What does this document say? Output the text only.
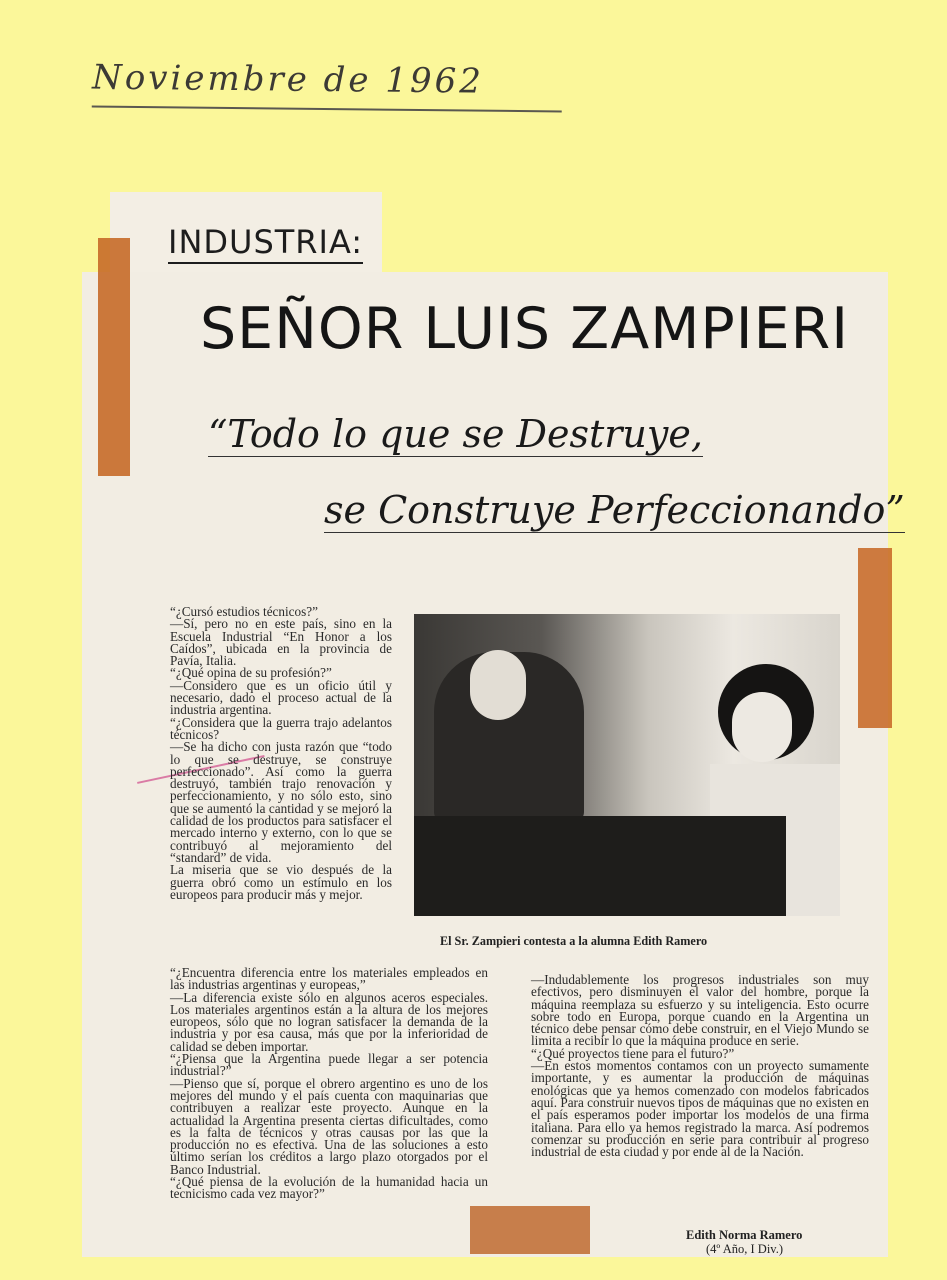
Noviembre de 1962
INDUSTRIA:
SEÑOR LUIS ZAMPIERI
“Todo lo que se Destruye,
se Construye Perfeccionando”

“¿Cursó estudios técnicos?”

—Sí, pero no en este país, sino en la Escuela Industrial “En Honor a los Caídos”, ubicada en la provincia de Pavía, Italia.

“¿Qué opina de su profesión?”

—Considero que es un oficio útil y necesario, dado el proceso actual de la industria argentina.

“¿Considera que la guerra trajo adelantos técnicos?

—Se ha dicho con justa razón que “todo lo que se destruye, se construye perfeccionado”. Así como la guerra destruyó, también trajo renovación y perfeccionamiento, y no sólo esto, sino que se aumentó la cantidad y se mejoró la calidad de los productos para satisfacer el mercado interno y externo, con lo que se contribuyó al mejoramiento del “standard” de vida.

La miseria que se vio después de la guerra obró como un estímulo en los europeos para producir más y mejor.

El Sr. Zampieri contesta a la alumna Edith Ramero

“¿Encuentra diferencia entre los materiales empleados en las industrias argentinas y europeas,”

—La diferencia existe sólo en algunos aceros especiales. Los materiales argentinos están a la altura de los mejores europeos, sólo que no logran satisfacer la demanda de la industria y por esa causa, más que por la inferioridad de calidad se deben importar.

“¿Piensa que la Argentina puede llegar a ser potencia industrial?”

—Pienso que sí, porque el obrero argentino es uno de los mejores del mundo y el país cuenta con maquinarias que contribuyen a realizar este proyecto. Aunque en la actualidad la Argentina presenta ciertas dificultades, como es la falta de técnicos y otras causas por las que la producción no es efectiva. Una de las soluciones a esto último serían los créditos a largo plazo otorgados por el Banco Industrial.

“¿Qué piensa de la evolución de la humanidad hacia un tecnicismo cada vez mayor?”

—Indudablemente los progresos industriales son muy efectivos, pero disminuyen el valor del hombre, porque la máquina reemplaza su esfuerzo y su inteligencia. Esto ocurre sobre todo en Europa, porque cuando en la Argentina un técnico debe pensar cómo debe construir, en el Viejo Mundo se limita a recibir lo que la máquina produce en serie.

“¿Qué proyectos tiene para el futuro?”

—En estos momentos contamos con un proyecto sumamente importante, y es aumentar la producción de máquinas enológicas que ya hemos comenzado con modelos fabricados aquí. Para construir nuevos tipos de máquinas que no existen en el país esperamos poder importar los modelos de una firma italiana. Para ello ya hemos registrado la marca. Así podremos comenzar su producción en serie para contribuir al progreso industrial de esta ciudad y por ende al de la Nación.

Edith Norma Ramero
(4º Año, I Div.)
